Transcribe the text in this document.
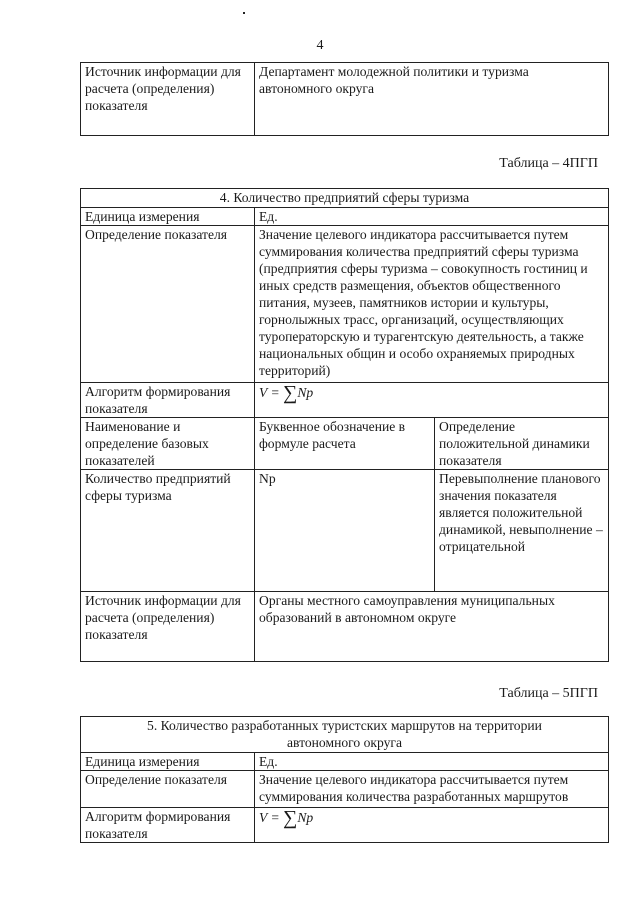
4
Источник информации для расчета (определения) показателя	Департамент молодежной политики и туризма автономного округа
Таблица – 4ПГП
4. Количество предприятий сферы туризма		
Единица измерения	Ед.	
Определение показателя	Значение целевого индикатора рассчитывается путем суммирования количества предприятий сферы туризма (предприятия сферы туризма – совокупность гостиниц и иных средств размещения, объектов общественного питания, музеев, памятников истории и культуры, горнолыжных трасс, организаций, осуществляющих туроператорскую и турагентскую деятельность, а также национальных общин и особо охраняемых природных территорий)	
Алгоритм формирования показателя	V = ∑Np	
Наименование и определение базовых показателей	Буквенное обозначение в формуле расчета	Определение положительной динамики показателя
Количество предприятий сферы туризма	Np	Перевыполнение планового значения показателя является положительной динамикой, невыполнение – отрицательной
Источник информации для расчета (определения) показателя	Органы местного самоуправления муниципальных образований в автономном округе	
Таблица – 5ПГП
5. Количество разработанных туристских маршрутов на территории автономного округа	
Единица измерения	Ед.
Определение показателя	Значение целевого индикатора рассчитывается путем суммирования количества разработанных маршрутов
Алгоритм формирования показателя	V = ∑Np
